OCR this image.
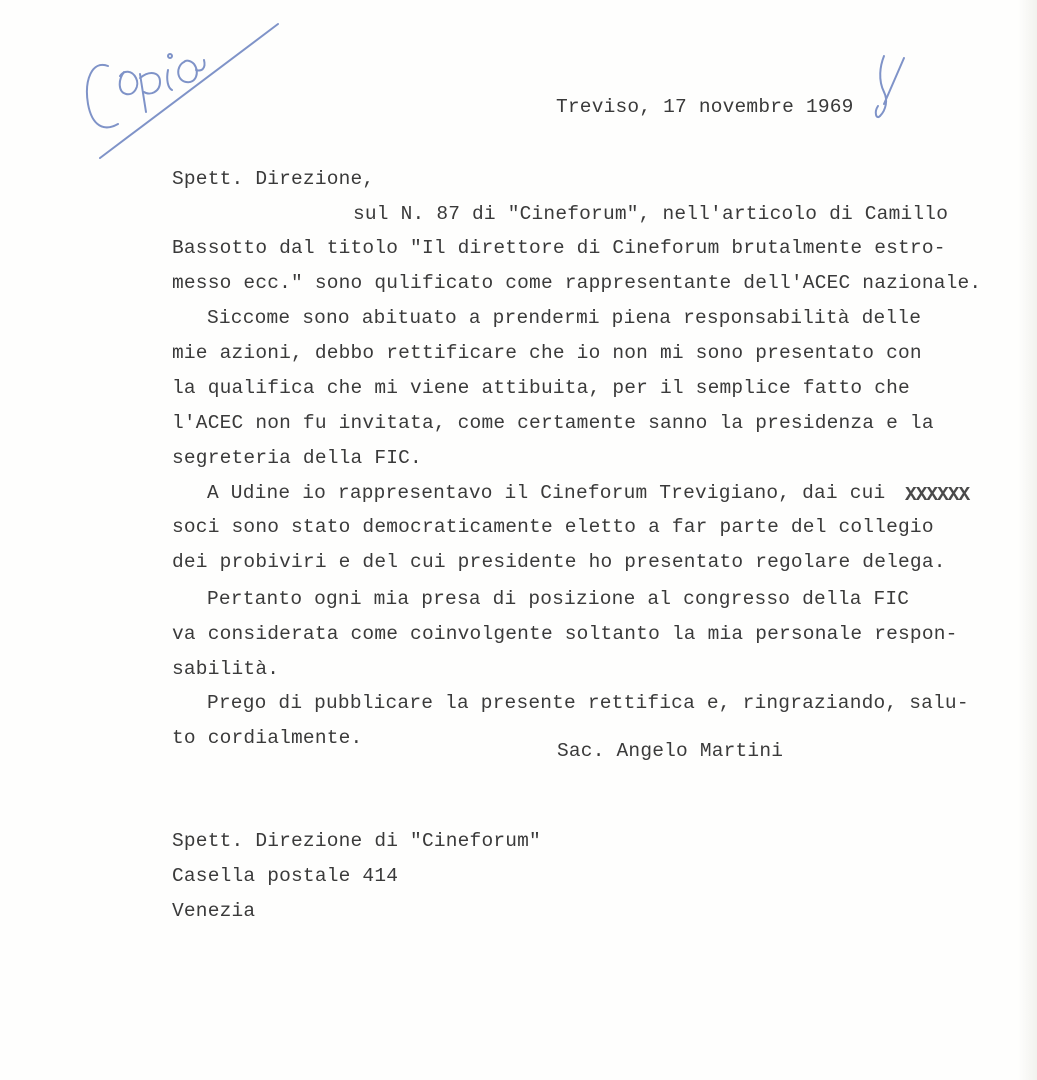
Treviso, 17 novembre 1969
Spett. Direzione,
sul N. 87 di "Cineforum", nell'articolo di Camillo
Bassotto dal titolo "Il direttore di Cineforum brutalmente estro-
messo ecc." sono qulificato come rappresentante dell'ACEC nazionale.
Siccome sono abituato a prendermi piena responsabilità delle
mie azioni, debbo rettificare che io non mi sono presentato con
la qualifica che mi viene attibuita, per il semplice fatto che
l'ACEC non fu invitata, come certamente sanno la presidenza e la
segreteria della FIC.
A Udine io rappresentavo il Cineforum Trevigiano, dai cui XXXXXX
soci sono stato democraticamente eletto a far parte del collegio
dei probiviri e del cui presidente ho presentato regolare delega.
Pertanto ogni mia presa di posizione al congresso della FIC
va considerata come coinvolgente soltanto la mia personale respon-
sabilità.
Prego di pubblicare la presente rettifica e, ringraziando, salu-
to cordialmente.
Sac. Angelo Martini
Spett. Direzione di "Cineforum"
Casella postale 414
Venezia
